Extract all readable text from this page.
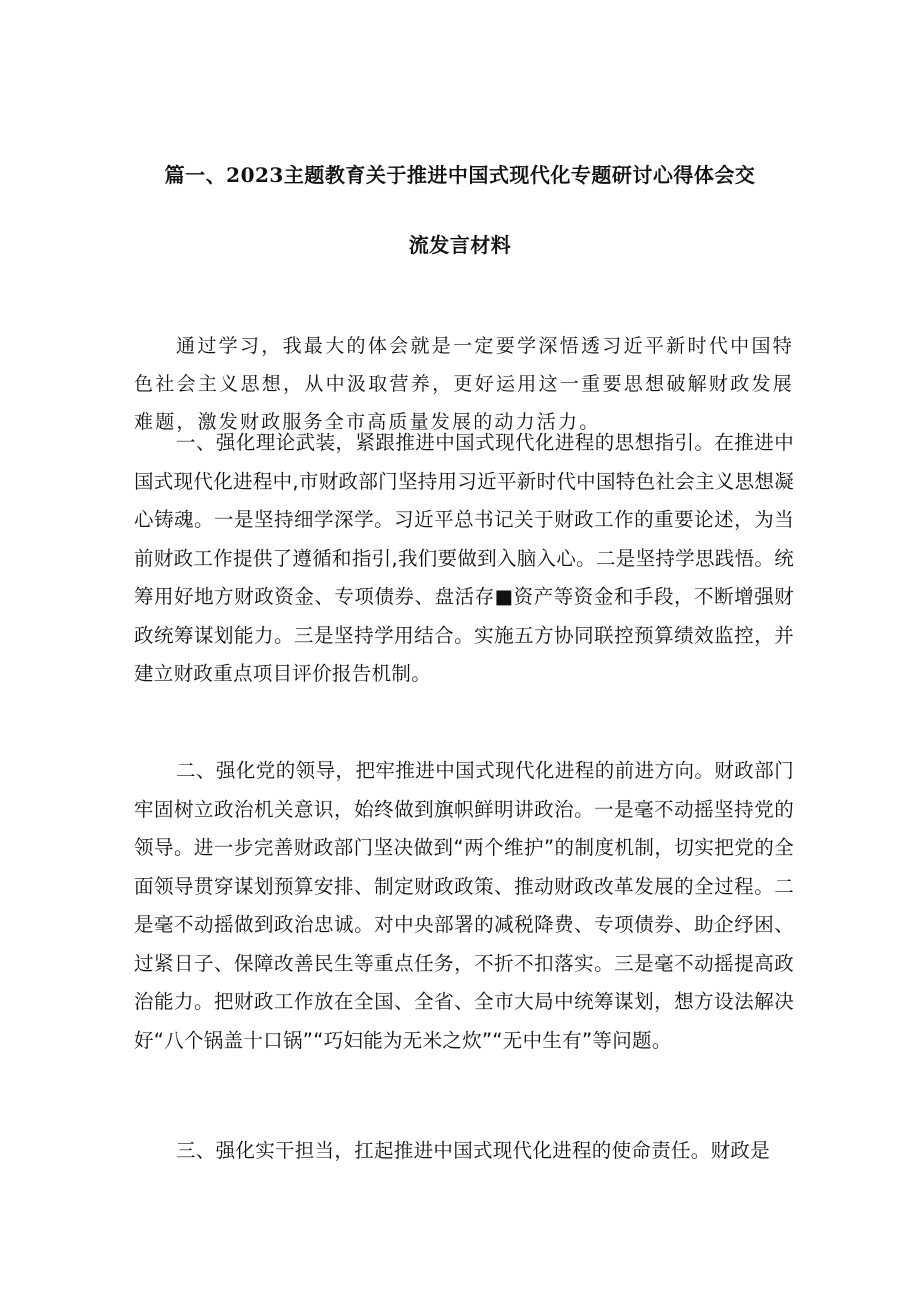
篇一、2023主题教育关于推进中国式现代化专题研讨心得体会交
流发言材料

通过学习，我最大的体会就是一定要学深悟透习近平新时代中国特色社会主义思想，从中汲取营养，更好运用这一重要思想破解财政发展难题，激发财政服务全市高质量发展的动力活力。

一、强化理论武装，紧跟推进中国式现代化进程的思想指引。在推进中国式现代化进程中,市财政部门坚持用习近平新时代中国特色社会主义思想凝心铸魂。一是坚持细学深学。习近平总书记关于财政工作的重要论述，为当前财政工作提供了遵循和指引,我们要做到入脑入心。二是坚持学思践悟。统筹用好地方财政资金、专项债券、盘活存■资产等资金和手段，不断增强财政统筹谋划能力。三是坚持学用结合。实施五方协同联控预算绩效监控，并建立财政重点项目评价报告机制。

二、强化党的领导，把牢推进中国式现代化进程的前进方向。财政部门牢固树立政治机关意识，始终做到旗帜鲜明讲政治。一是毫不动摇坚持党的领导。进一步完善财政部门坚决做到“两个维护”的制度机制，切实把党的全面领导贯穿谋划预算安排、制定财政政策、推动财政改革发展的全过程。二是毫不动摇做到政治忠诚。对中央部署的减税降费、专项债券、助企纾困、过紧日子、保障改善民生等重点任务，不折不扣落实。三是毫不动摇提高政治能力。把财政工作放在全国、全省、全市大局中统筹谋划，想方设法解决好“八个锅盖十口锅”“巧妇能为无米之炊”“无中生有”等问题。

三、强化实干担当，扛起推进中国式现代化进程的使命责任。财政是
